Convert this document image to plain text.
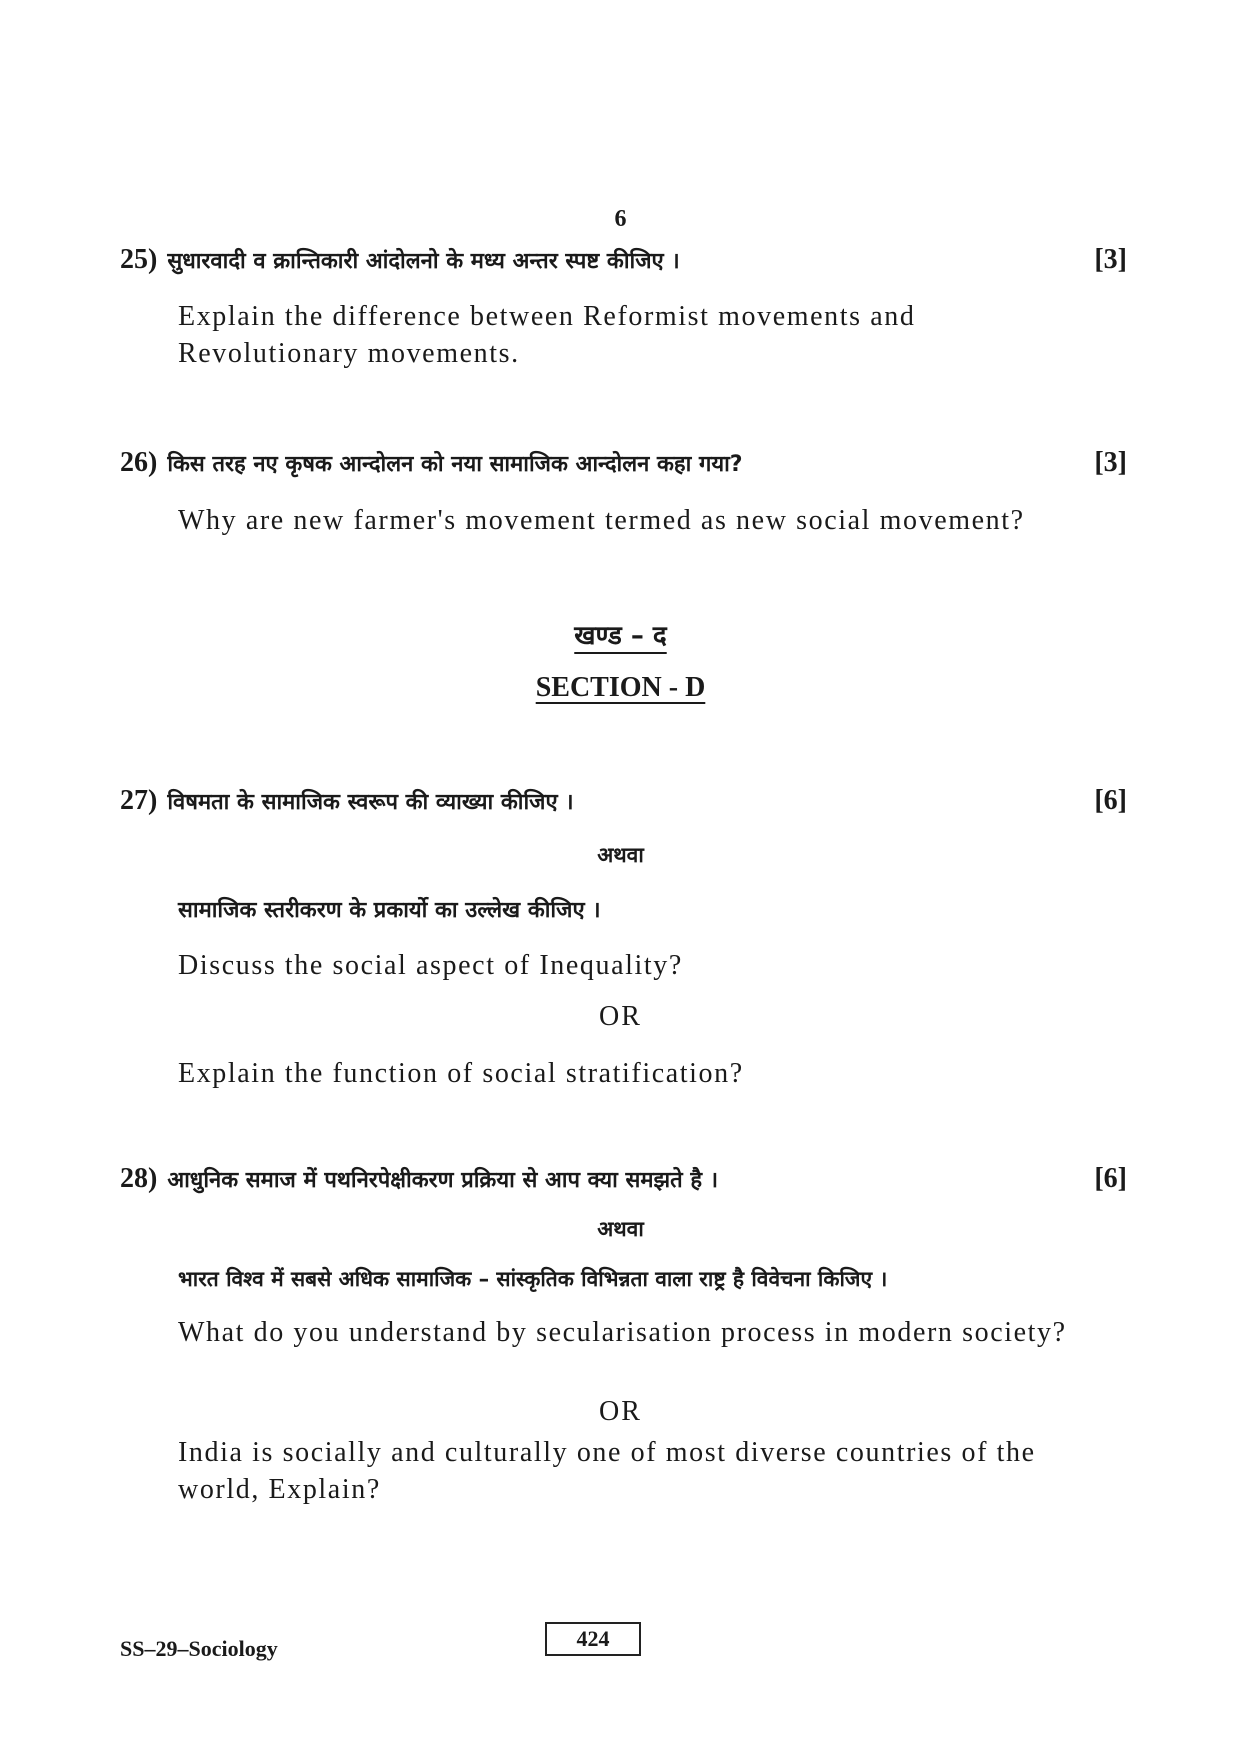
6
25) सुधारवादी व क्रान्तिकारी आंदोलनो के मध्य अन्तर स्पष्ट कीजिए ।	[3]
Explain the difference between Reformist movements and
Revolutionary movements.
26) किस तरह नए कृषक आन्दोलन को नया सामाजिक आन्दोलन कहा गया?	[3]
Why are new farmer's movement termed as new social movement?
खण्ड – द
SECTION - D
27) विषमता के सामाजिक स्वरूप की व्याख्या कीजिए ।	[6]
अथवा
सामाजिक स्तरीकरण के प्रकार्यो का उल्लेख कीजिए ।
Discuss the social aspect of Inequality?
OR
Explain the function of social stratification?
28) आधुनिक समाज में पथनिरपेक्षीकरण प्रक्रिया से आप क्या समझते है ।	[6]
अथवा
भारत विश्व में सबसे अधिक सामाजिक – सांस्कृतिक विभिन्नता वाला राष्ट्र है विवेचना किजिए ।
What do you understand by secularisation process in modern society?
OR
India is socially and culturally one of most diverse countries of the
world, Explain?
SS–29–Sociology	424
